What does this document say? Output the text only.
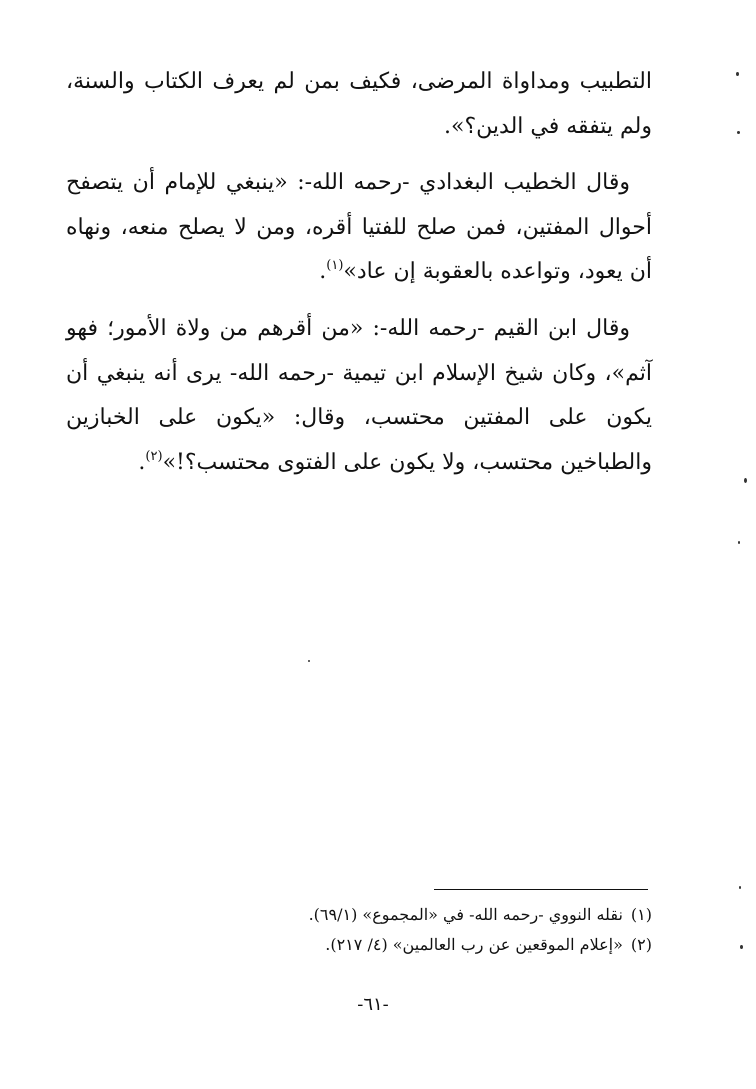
التطبيب ومداواة المرضى، فكيف بمن لم يعرف الكتاب والسنة، ولم يتفقه في الدين؟».

وقال الخطيب البغدادي -رحمه الله-: «ينبغي للإمام أن يتصفح أحوال المفتين، فمن صلح للفتيا أقره، ومن لا يصلح منعه، ونهاه أن يعود، وتواعده بالعقوبة إن عاد»$^{(١)}$.

وقال ابن القيم -رحمه الله-: «من أقرهم من ولاة الأمور؛ فهو آثم»، وكان شيخ الإسلام ابن تيمية -رحمه الله- يرى أنه ينبغي أن يكون على المفتين محتسب، وقال: «يكون على الخبازين والطباخين محتسب، ولا يكون على الفتوى محتسب؟!»$^{(٢)}$.

(١)نقله النووي -رحمه الله- في «المجموع» (٦٩/١).

(٢)«إعلام الموقعين عن رب العالمين» (٤/ ٢١٧).

-٦١-
